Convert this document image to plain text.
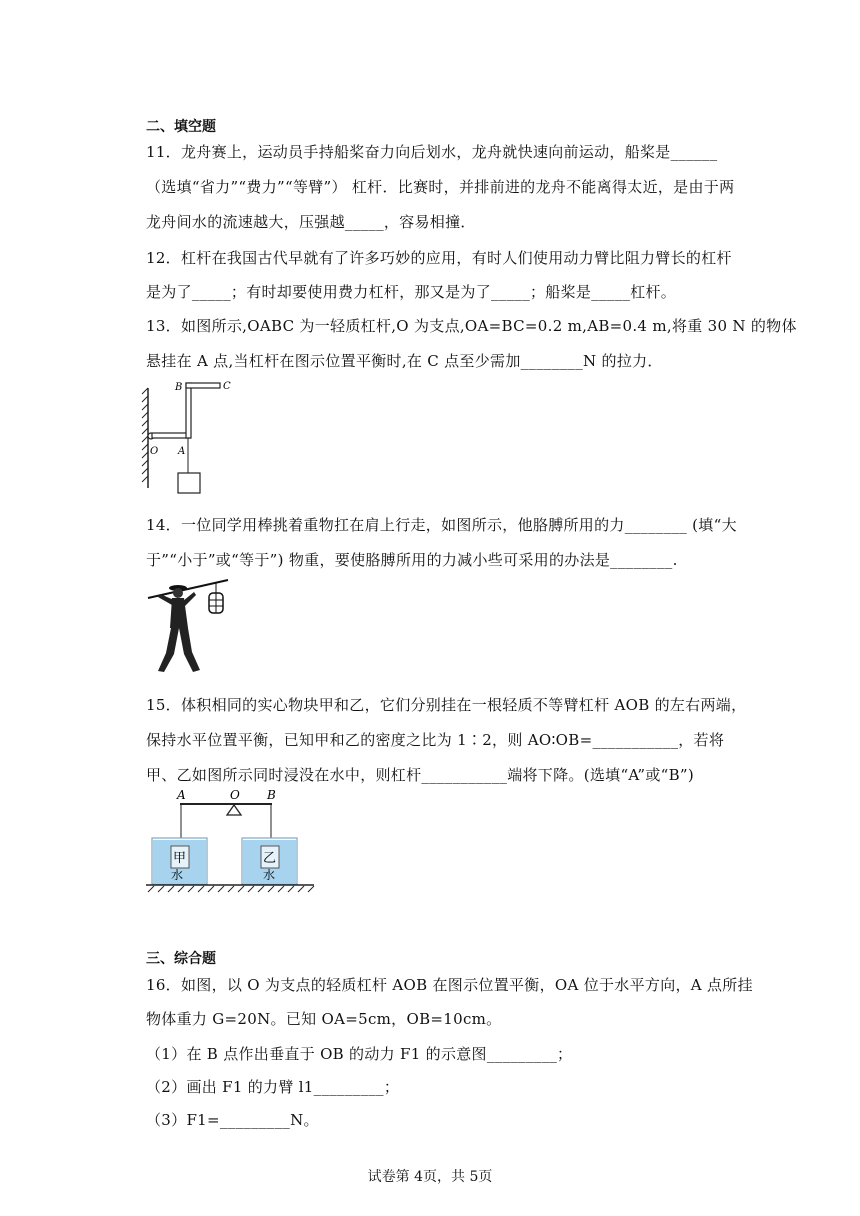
二、填空题
11．龙舟赛上，运动员手持船桨奋力向后划水，龙舟就快速向前运动，船桨是______
（选填“省力”“费力”“等臂”） 杠杆．比赛时，并排前进的龙舟不能离得太近，是由于两
龙舟间水的流速越大，压强越_____，容易相撞．
12．杠杆在我国古代早就有了许多巧妙的应用，有时人们使用动力臂比阻力臂长的杠杆
是为了_____；有时却要使用费力杠杆，那又是为了_____；船桨是_____杠杆。
13．如图所示,OABC 为一轻质杠杆,O 为支点,OA=BC=0.2 m,AB=0.4 m,将重 30 N 的物体
悬挂在 A 点,当杠杆在图示位置平衡时,在 C 点至少需加________N 的拉力．
B	C
O A
14．一位同学用棒挑着重物扛在肩上行走，如图所示，他胳膊所用的力________ (填“大
于”“小于”或“等于”) 物重，要使胳膊所用的力减小些可采用的办法是________.
15．体积相同的实心物块甲和乙，它们分别挂在一根轻质不等臂杠杆 AOB 的左右两端，
保持水平位置平衡，已知甲和乙的密度之比为 1∶2，则 AO∶OB=___________，若将
甲、乙如图所示同时浸没在水中，则杠杆___________端将下降。(选填“A”或“B”)
A	O B
甲
水
乙
水
三、综合题
16．如图，以 O 为支点的轻质杠杆 AOB 在图示位置平衡，OA 位于水平方向，A 点所挂
物体重力 G=20N。已知 OA=5cm，OB=10cm。
（1）在 B 点作出垂直于 OB 的动力 F1 的示意图_________；
（2）画出 F1 的力臂 l1_________；
（3）F1=_________N。
试卷第 4页，共 5页
